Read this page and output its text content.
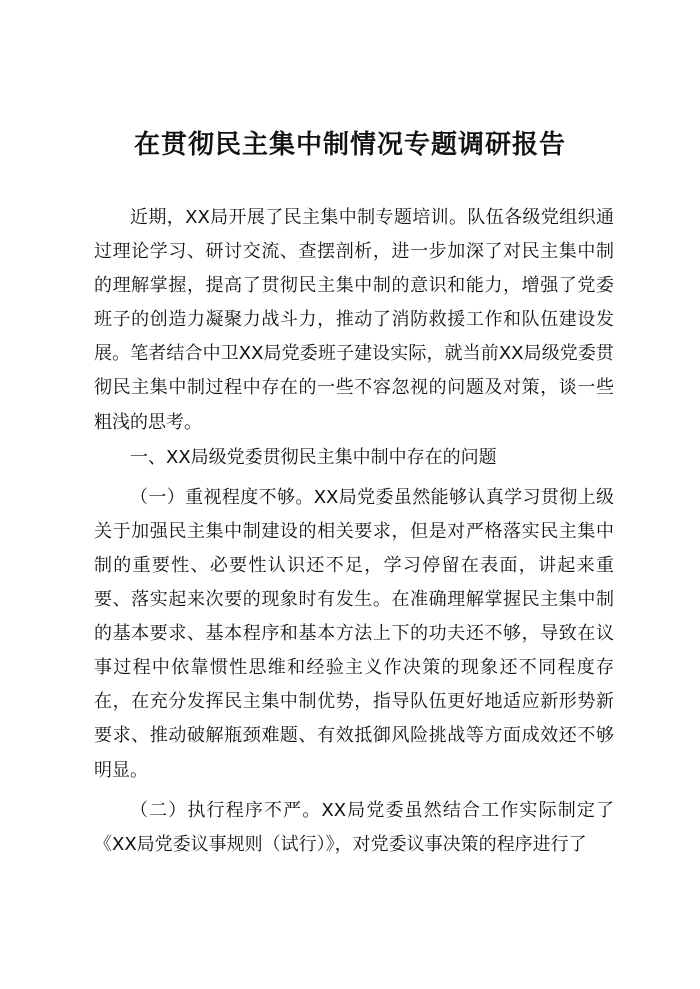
在贯彻民主集中制情况专题调研报告

近期，XX局开展了民主集中制专题培训。队伍各级党组织通过理论学习、研讨交流、查摆剖析，进一步加深了对民主集中制的理解掌握，提高了贯彻民主集中制的意识和能力，增强了党委班子的创造力凝聚力战斗力，推动了消防救援工作和队伍建设发展。笔者结合中卫XX局党委班子建设实际，就当前XX局级党委贯彻民主集中制过程中存在的一些不容忽视的问题及对策，谈一些粗浅的思考。

一、XX局级党委贯彻民主集中制中存在的问题

（一）重视程度不够。XX局党委虽然能够认真学习贯彻上级关于加强民主集中制建设的相关要求，但是对严格落实民主集中制的重要性、必要性认识还不足，学习停留在表面，讲起来重要、落实起来次要的现象时有发生。在准确理解掌握民主集中制的基本要求、基本程序和基本方法上下的功夫还不够，导致在议事过程中依靠惯性思维和经验主义作决策的现象还不同程度存在，在充分发挥民主集中制优势，指导队伍更好地适应新形势新要求、推动破解瓶颈难题、有效抵御风险挑战等方面成效还不够明显。

（二）执行程序不严。XX局党委虽然结合工作实际制定了《XX局党委议事规则（试行）》，对党委议事决策的程序进行了
